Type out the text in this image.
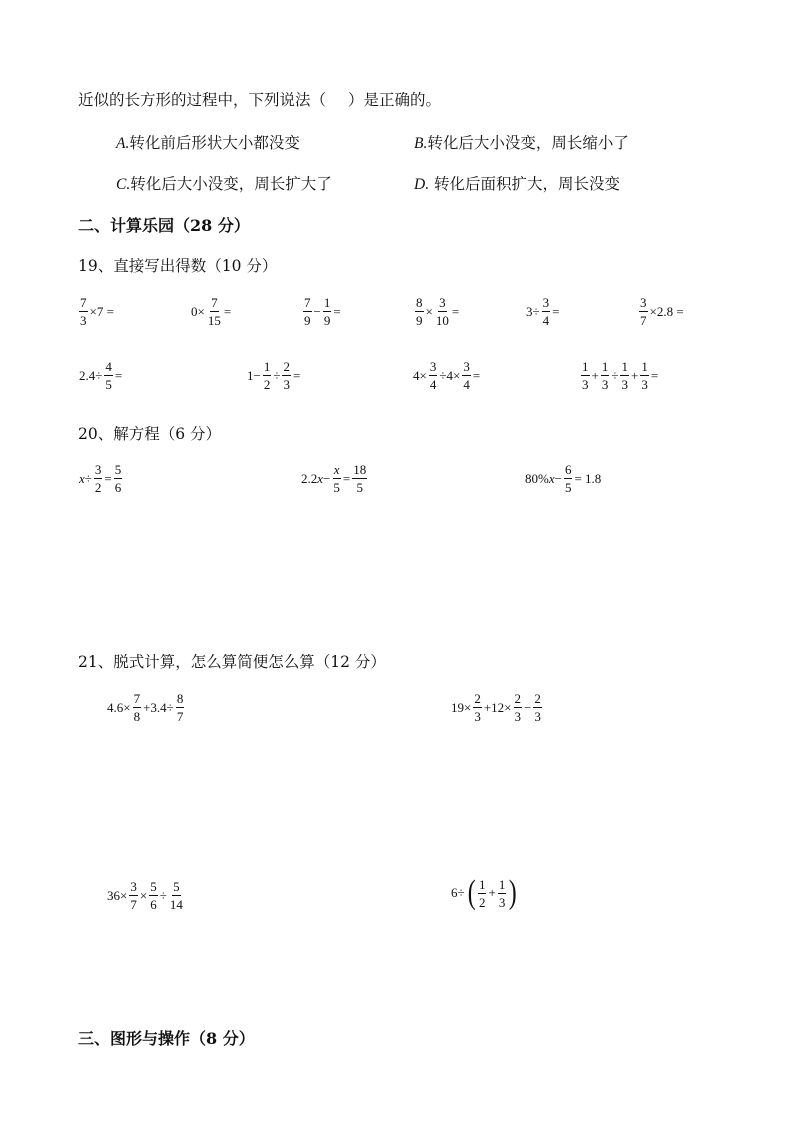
近似的长方形的过程中，下列说法（ ）是正确的。
A.转化前后形状大小都没变	B.转化后大小没变，周长缩小了
C.转化后大小没变，周长扩大了	D. 转化后面积扩大，周长没变
二、计算乐园（28 分）
19、直接写出得数（10 分）
$\frac{7}{3} \times 7$ =	$0\times \frac{7}{15}$ =	$\frac{7}{9} - \frac{1}{9}$ =	$\frac{8}{9} \times \frac{3}{10}$ =	$3\div \frac{3}{4}$ =	$\frac{3}{7} \times 2.8$ =
$2.4\div \frac{4}{5}$ =	$1- \frac{1}{2} \div \frac{2}{3}$ =	$4\times \frac{3}{4} \div 4\times \frac{3}{4}$ =	$\frac{1}{3} + \frac{1}{3} \div \frac{1}{3} + \frac{1}{3}$ =
20、解方程（6 分）
$x\div \frac{3}{2} = \frac{5}{6}$	$2.2x- \frac{x}{5} = \frac{18}{5}$	$80\%x- \frac{6}{5} = 1.8$
21、脱式计算，怎么算简便怎么算（12 分）
$4.6\times \frac{7}{8} +3.4\div \frac{8}{7}$	$19\times \frac{2}{3} +12\times \frac{2}{3} - \frac{2}{3}$
$36\times \frac{3}{7} \times \frac{5}{6} \div \frac{5}{14}$	6÷ ( $\frac{1}{2} + \frac{1}{3}$ )
三、图形与操作（8 分）
